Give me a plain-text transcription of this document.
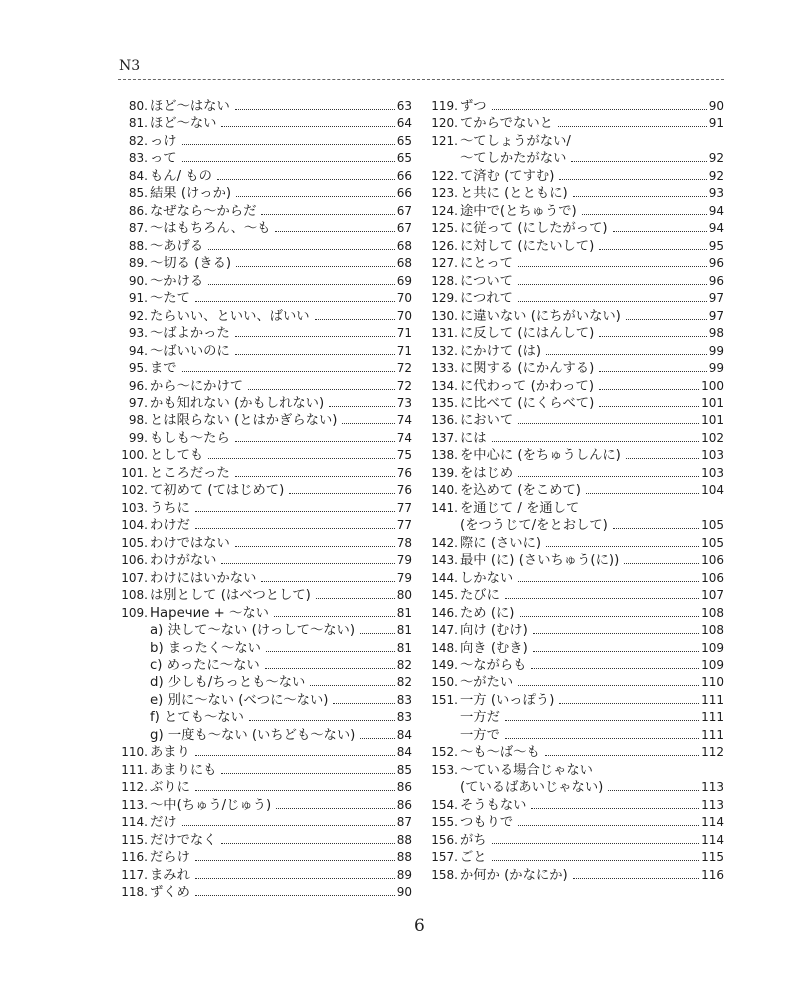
N3
80. ほど～はない	63
81. ほど～ない	64
82. っけ	65
83. って	65
84. もん/ もの	66
85. 結果 (けっか)	66
86. なぜなら～からだ	67
87. ～はもちろん、～も	67
88. ～あげる	68
89. ～切る (きる)	68
90. ～かける	69
91. ～たて	70
92. たらいい、といい、ばいい	70
93. ～ばよかった	71
94. ～ばいいのに	71
95. まで	72
96. から～にかけて	72
97. かも知れない (かもしれない)	73
98. とは限らない (とはかぎらない)	74
99. もしも～たら	74
100. としても	75
101. ところだった	76
102. て初めて (てはじめて)	76
103. うちに	77
104. わけだ	77
105. わけではない	78
106. わけがない	79
107. わけにはいかない	79
108. は別として (はべつとして)	80
109. Наречие + ～ない	81
a) 決して～ない (けっして～ない)	81
b) まったく～ない	81
c) めったに～ない	82
d) 少しも/ちっとも～ない	82
e) 別に～ない (べつに～ない)	83
f) とても～ない	83
g) 一度も～ない (いちども～ない)	84
110. あまり	84
111. あまりにも	85
112. ぶりに	86
113. ～中(ちゅう/じゅう)	86
114. だけ	87
115. だけでなく	88
116. だらけ	88
117. まみれ	89
118. ずくめ	90
119. ずつ	90
120. てからでないと	91
121. ～てしょうがない/
～てしかたがない	92
122. て済む (てすむ)	92
123. と共に (とともに)	93
124. 途中で(とちゅうで)	94
125. に従って (にしたがって)	94
126. に対して (にたいして)	95
127. にとって	96
128. について	96
129. につれて	97
130. に違いない (にちがいない)	97
131. に反して (にはんして)	98
132. にかけて (は)	99
133. に関する (にかんする)	99
134. に代わって (かわって)	100
135. に比べて (にくらべて)	101
136. において	101
137. には	102
138. を中心に (をちゅうしんに)	103
139. をはじめ	103
140. を込めて (をこめて)	104
141. を通じて / を通して
(をつうじて/をとおして)	105
142. 際に (さいに)	105
143. 最中 (に) (さいちゅう(に))	106
144. しかない	106
145. たびに	107
146. ため (に)	108
147. 向け (むけ)	108
148. 向き (むき)	109
149. ～ながらも	109
150. ～がたい	110
151. 一方 (いっぽう)	111
一方だ	111
一方で	111
152. ～も～ば～も	112
153. ～ている場合じゃない
(ているばあいじゃない)	113
154. そうもない	113
155. つもりで	114
156. がち	114
157. ごと	115
158. か何か (かなにか)	116
6
